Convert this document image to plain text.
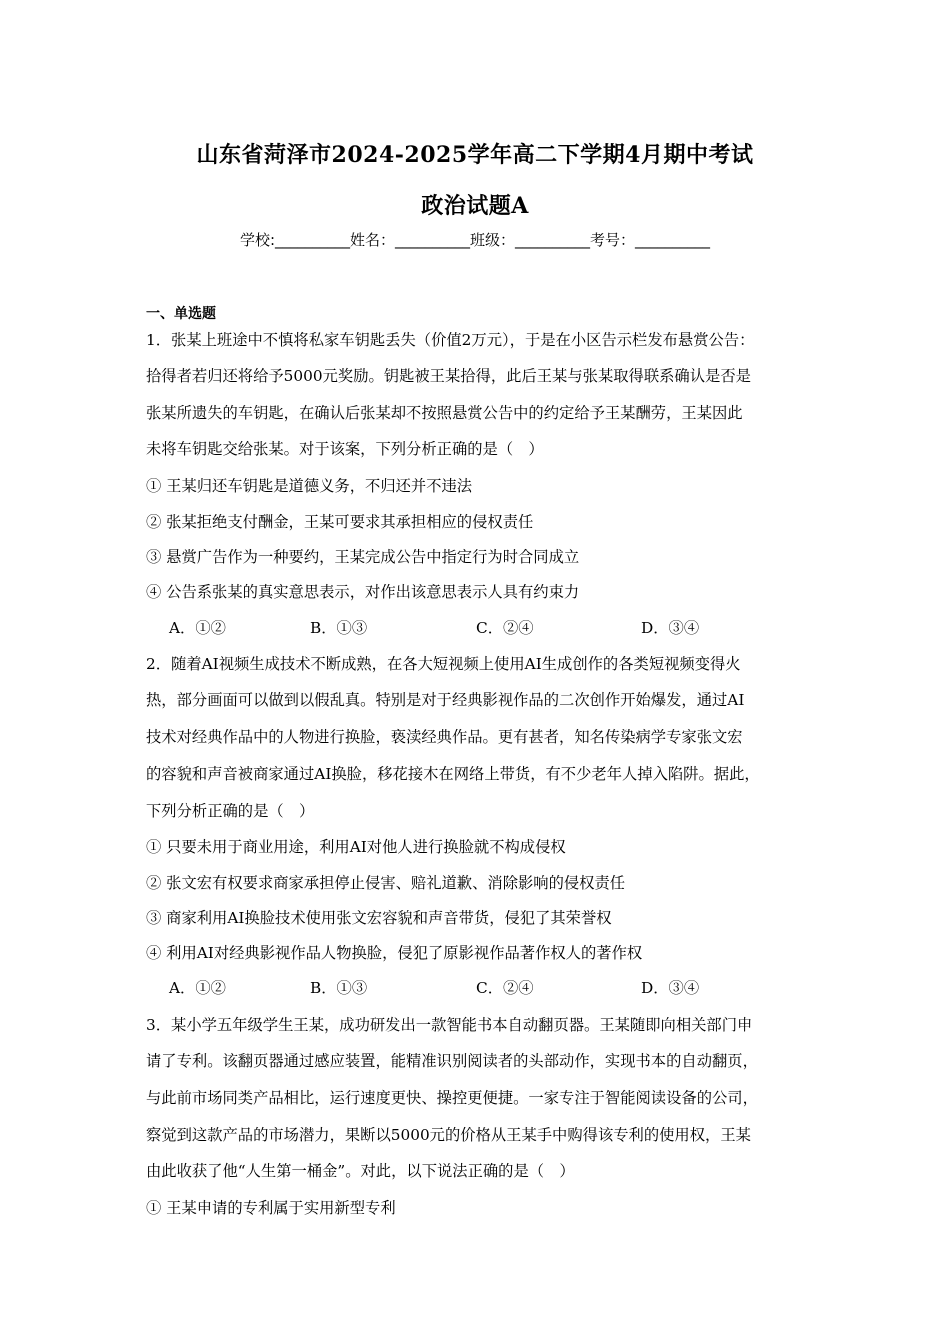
山东省菏泽市2024-2025学年高二下学期4月期中考试
政治试题A
学校:__________姓名：__________班级：__________考号：__________
一、单选题
1．张某上班途中不慎将私家车钥匙丢失（价值2万元），于是在小区告示栏发布悬赏公告：
拾得者若归还将给予5000元奖励。钥匙被王某拾得，此后王某与张某取得联系确认是否是
张某所遗失的车钥匙，在确认后张某却不按照悬赏公告中的约定给予王某酬劳，王某因此
未将车钥匙交给张某。对于该案，下列分析正确的是（　）
① 王某归还车钥匙是道德义务，不归还并不违法
② 张某拒绝支付酬金，王某可要求其承担相应的侵权责任
③ 悬赏广告作为一种要约，王某完成公告中指定行为时合同成立
④ 公告系张某的真实意思表示，对作出该意思表示人具有约束力
A．①②	B．①③	C．②④	D．③④
2．随着AI视频生成技术不断成熟，在各大短视频上使用AI生成创作的各类短视频变得火
热，部分画面可以做到以假乱真。特别是对于经典影视作品的二次创作开始爆发，通过AI
技术对经典作品中的人物进行换脸，亵渎经典作品。更有甚者，知名传染病学专家张文宏
的容貌和声音被商家通过AI换脸，移花接木在网络上带货，有不少老年人掉入陷阱。据此，
下列分析正确的是（　）
① 只要未用于商业用途，利用AI对他人进行换脸就不构成侵权
② 张文宏有权要求商家承担停止侵害、赔礼道歉、消除影响的侵权责任
③ 商家利用AI换脸技术使用张文宏容貌和声音带货，侵犯了其荣誉权
④ 利用AI对经典影视作品人物换脸，侵犯了原影视作品著作权人的著作权
A．①②	B．①③	C．②④	D．③④
3．某小学五年级学生王某，成功研发出一款智能书本自动翻页器。王某随即向相关部门申
请了专利。该翻页器通过感应装置，能精准识别阅读者的头部动作，实现书本的自动翻页，
与此前市场同类产品相比，运行速度更快、操控更便捷。一家专注于智能阅读设备的公司，
察觉到这款产品的市场潜力，果断以5000元的价格从王某手中购得该专利的使用权，王某
由此收获了他“人生第一桶金”。对此，以下说法正确的是（　）
① 王某申请的专利属于实用新型专利
